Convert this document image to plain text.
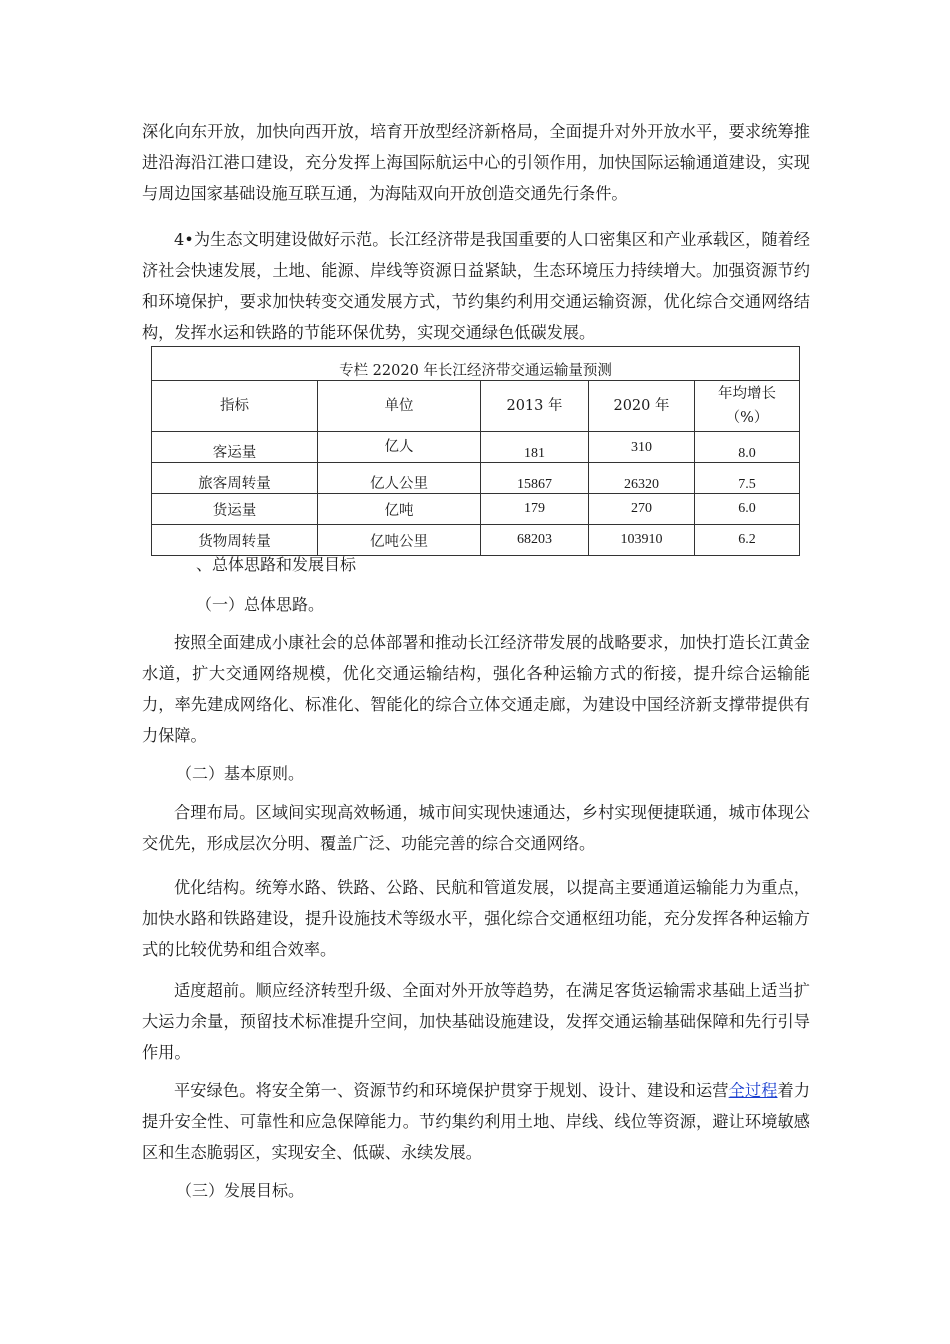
深化向东开放，加快向西开放，培育开放型经济新格局，全面提升对外开放水平，要求统筹推进沿海沿江港口建设，充分发挥上海国际航运中心的引领作用，加快国际运输通道建设，实现与周边国家基础设施互联互通，为海陆双向开放创造交通先行条件。

4•为生态文明建设做好示范。长江经济带是我国重要的人口密集区和产业承载区，随着经济社会快速发展，土地、能源、岸线等资源日益紧缺，生态环境压力持续增大。加强资源节约和环境保护，要求加快转变交通发展方式，节约集约利用交通运输资源，优化综合交通网络结构，发挥水运和铁路的节能环保优势，实现交通绿色低碳发展。

专栏 22020 年长江经济带交通运输量预测				
指标	单位	2013 年	2020 年	年均增长
（%）
客运量	亿人	181	310	8.0
旅客周转量	亿人公里	15867	26320	7.5
货运量	亿吨	179	270	6.0
货物周转量	亿吨公里	68203	103910	6.2

、总体思路和发展目标

（一）总体思路。

按照全面建成小康社会的总体部署和推动长江经济带发展的战略要求，加快打造长江黄金水道，扩大交通网络规模，优化交通运输结构，强化各种运输方式的衔接，提升综合运输能力，率先建成网络化、标准化、智能化的综合立体交通走廊，为建设中国经济新支撑带提供有力保障。

（二）基本原则。

合理布局。区域间实现高效畅通，城市间实现快速通达，乡村实现便捷联通，城市体现公交优先，形成层次分明、覆盖广泛、功能完善的综合交通网络。

优化结构。统筹水路、铁路、公路、民航和管道发展，以提高主要通道运输能力为重点，加快水路和铁路建设，提升设施技术等级水平，强化综合交通枢纽功能，充分发挥各种运输方式的比较优势和组合效率。

适度超前。顺应经济转型升级、全面对外开放等趋势，在满足客货运输需求基础上适当扩大运力余量，预留技术标准提升空间，加快基础设施建设，发挥交通运输基础保障和先行引导作用。

平安绿色。将安全第一、资源节约和环境保护贯穿于规划、设计、建设和运营全过程着力提升安全性、可靠性和应急保障能力。节约集约利用土地、岸线、线位等资源，避让环境敏感区和生态脆弱区，实现安全、低碳、永续发展。

（三）发展目标。
